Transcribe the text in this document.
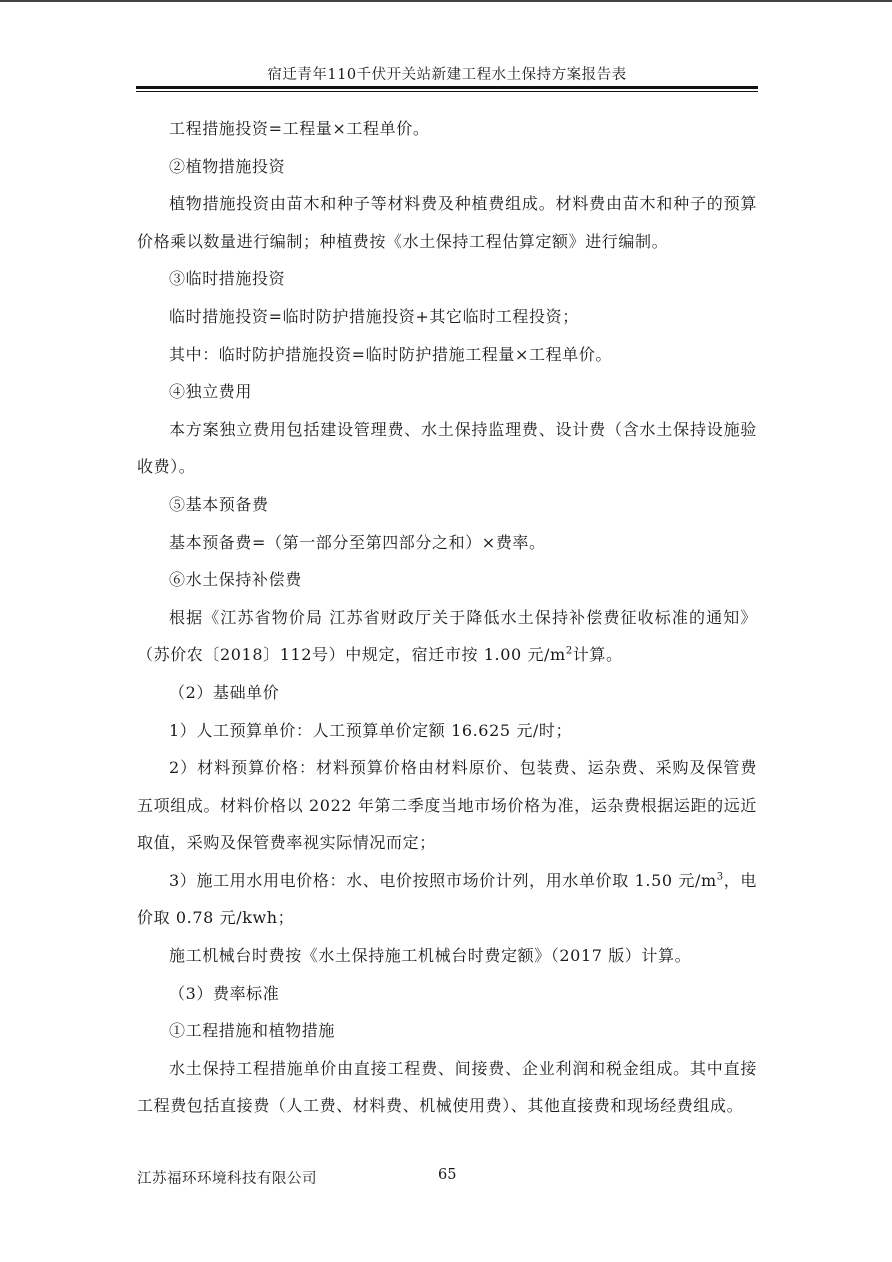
宿迁青年110千伏开关站新建工程水土保持方案报告表

工程措施投资=工程量×工程单价。

②植物措施投资

植物措施投资由苗木和种子等材料费及种植费组成。材料费由苗木和种子的预算价格乘以数量进行编制；种植费按《水土保持工程估算定额》进行编制。

③临时措施投资

临时措施投资=临时防护措施投资+其它临时工程投资；

其中：临时防护措施投资=临时防护措施工程量×工程单价。

④独立费用

本方案独立费用包括建设管理费、水土保持监理费、设计费（含水土保持设施验收费）。

⑤基本预备费

基本预备费=（第一部分至第四部分之和）×费率。

⑥水土保持补偿费

根据《江苏省物价局 江苏省财政厅关于降低水土保持补偿费征收标准的通知》（苏价农〔2018〕112号）中规定，宿迁市按 1.00 元$/m^2$计算。

（2）基础单价

1）人工预算单价：人工预算单价定额 16.625 元/时；

2）材料预算价格：材料预算价格由材料原价、包装费、运杂费、采购及保管费五项组成。材料价格以 2022 年第二季度当地市场价格为准，运杂费根据运距的远近取值，采购及保管费率视实际情况而定；

3）施工用水用电价格：水、电价按照市场价计列，用水单价取 1.50 元$/m^3$，电价取 0.78 元/kwh；

施工机械台时费按《水土保持施工机械台时费定额》（2017 版）计算。

（3）费率标准

①工程措施和植物措施

水土保持工程措施单价由直接工程费、间接费、企业利润和税金组成。其中直接工程费包括直接费（人工费、材料费、机械使用费）、其他直接费和现场经费组成。

江苏福环环境科技有限公司	65
